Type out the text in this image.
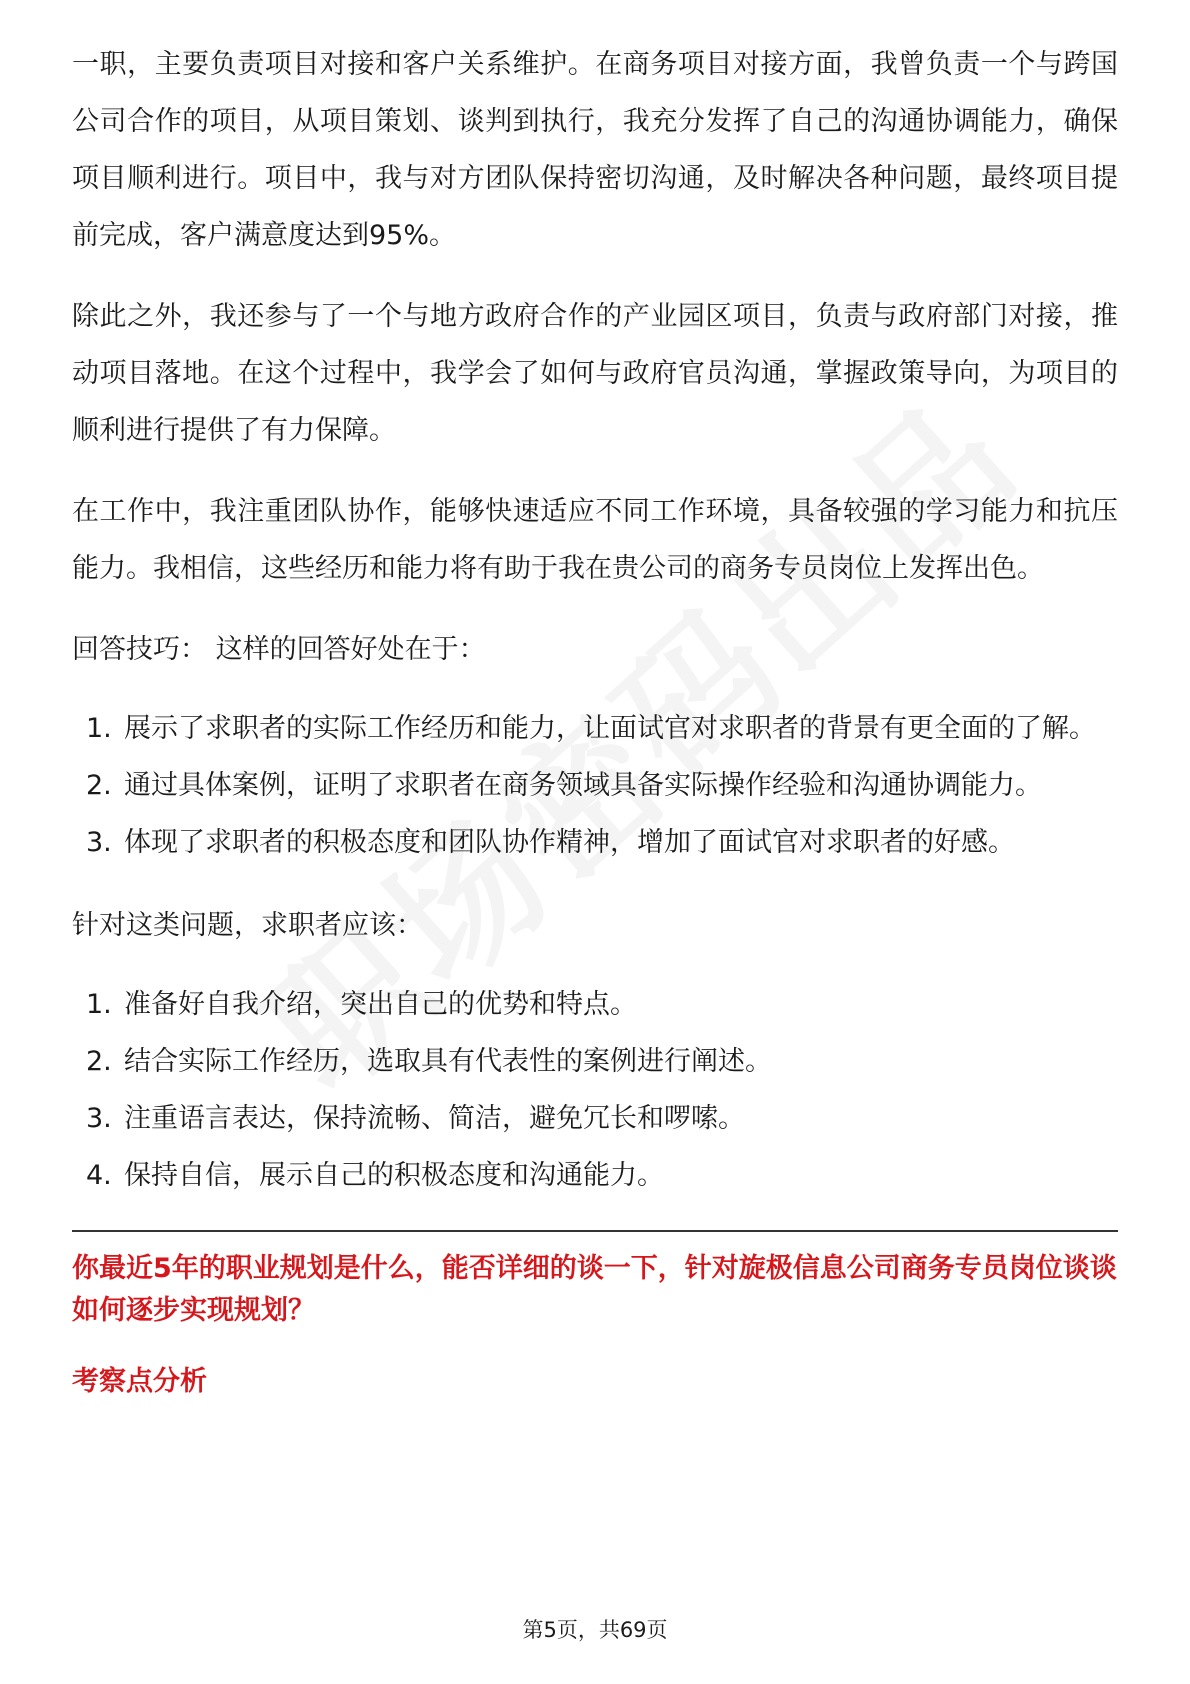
一职，主要负责项目对接和客户关系维护。在商务项目对接方面，我曾负责一个与跨国公司合作的项目，从项目策划、谈判到执行，我充分发挥了自己的沟通协调能力，确保项目顺利进行。项目中，我与对方团队保持密切沟通，及时解决各种问题，最终项目提前完成，客户满意度达到95%。

除此之外，我还参与了一个与地方政府合作的产业园区项目，负责与政府部门对接，推动项目落地。在这个过程中，我学会了如何与政府官员沟通，掌握政策导向，为项目的顺利进行提供了有力保障。

在工作中，我注重团队协作，能够快速适应不同工作环境，具备较强的学习能力和抗压能力。我相信，这些经历和能力将有助于我在贵公司的商务专员岗位上发挥出色。

回答技巧： 这样的回答好处在于：

1. 展示了求职者的实际工作经历和能力，让面试官对求职者的背景有更全面的了解。
2. 通过具体案例，证明了求职者在商务领域具备实际操作经验和沟通协调能力。
3. 体现了求职者的积极态度和团队协作精神，增加了面试官对求职者的好感。

针对这类问题，求职者应该：

1. 准备好自我介绍，突出自己的优势和特点。
2. 结合实际工作经历，选取具有代表性的案例进行阐述。
3. 注重语言表达，保持流畅、简洁，避免冗长和啰嗦。
4. 保持自信，展示自己的积极态度和沟通能力。

你最近5年的职业规划是什么，能否详细的谈一下，针对旋极信息公司商务专员岗位谈谈如何逐步实现规划？

考察点分析

第5页，共69页
